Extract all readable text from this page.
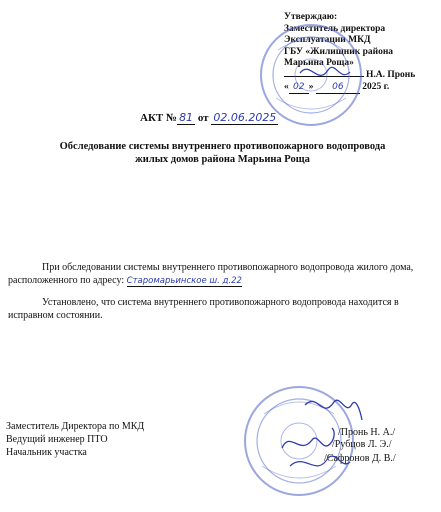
Утверждаю:
Заместитель директора
Эксплуатации МКД
ГБУ «Жилищник района
Марьина Роща»
Н.А. Пронь
« 02 » 06 2025 г.
АКТ № 81 от 02.06.2025
Обследование системы внутреннего противопожарного водопровода
жилых домов района Марьина Роща
При обследовании системы внутреннего противопожарного водопровода жилого дома, расположенного по адресу: Старомарьинское ш. д.22
Установлено, что система внутреннего противопожарного водопровода находится в исправном состоянии.
Заместитель Директора по МКД
Ведущий инженер ПТО
Начальник участка
/Пронь Н. А./
/Рубцов Л. Э./
/Сафронов Д. В./
